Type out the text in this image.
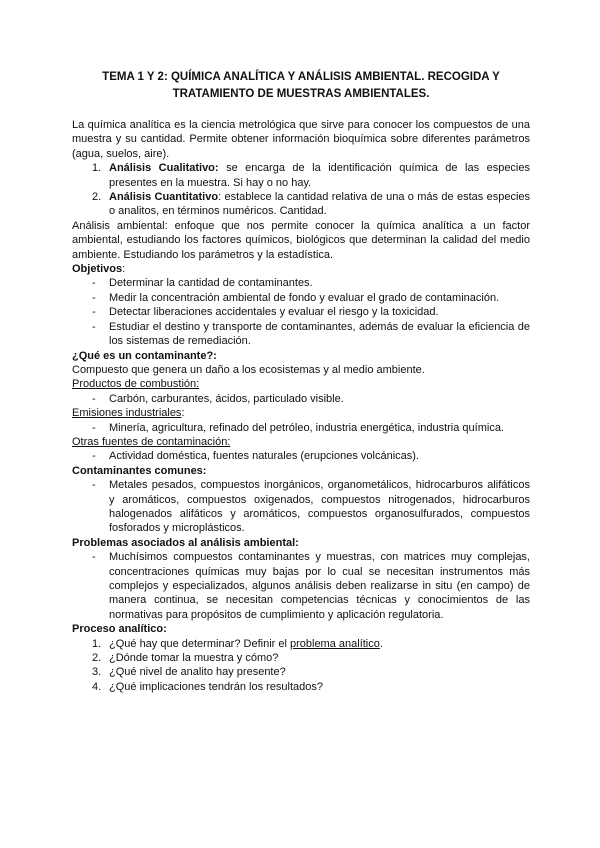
TEMA 1 Y 2: QUÍMICA ANALÍTICA Y ANÁLISIS AMBIENTAL. RECOGIDA Y TRATAMIENTO DE MUESTRAS AMBIENTALES.

La química analítica es la ciencia metrológica que sirve para conocer los compuestos de una muestra y su cantidad. Permite obtener información bioquímica sobre diferentes parámetros (agua, suelos, aire).

1. Análisis Cualitativo: se encarga de la identificación química de las especies presentes en la muestra. Si hay o no hay.
2. Análisis Cuantitativo: establece la cantidad relativa de una o más de estas especies o analitos, en términos numéricos. Cantidad.

Análisis ambiental: enfoque que nos permite conocer la química analítica a un factor ambiental, estudiando los factores químicos, biológicos que determinan la calidad del medio ambiente. Estudiando los parámetros y la estadística.

Objetivos:

- Determinar la cantidad de contaminantes.
- Medir la concentración ambiental de fondo y evaluar el grado de contaminación.
- Detectar liberaciones accidentales y evaluar el riesgo y la toxicidad.
- Estudiar el destino y transporte de contaminantes, además de evaluar la eficiencia de los sistemas de remediación.

¿Qué es un contaminante?:

Compuesto que genera un daño a los ecosistemas y al medio ambiente.

Productos de combustión:

- Carbón, carburantes, ácidos, particulado visible.

Emisiones industriales:

- Minería, agricultura, refinado del petróleo, industria energética, industria química.

Otras fuentes de contaminación:

- Actividad doméstica, fuentes naturales (erupciones volcánicas).

Contaminantes comunes:

- Metales pesados, compuestos inorgánicos, organometálicos, hidrocarburos alifáticos y aromáticos, compuestos oxigenados, compuestos nitrogenados, hidrocarburos halogenados alifáticos y aromáticos, compuestos organosulfurados, compuestos fosforados y microplásticos.

Problemas asociados al análisis ambiental:

- Muchísimos compuestos contaminantes y muestras, con matrices muy complejas, concentraciones químicas muy bajas por lo cual se necesitan instrumentos más complejos y especializados, algunos análisis deben realizarse in situ (en campo) de manera continua, se necesitan competencias técnicas y conocimientos de las normativas para propósitos de cumplimiento y aplicación regulatoria.

Proceso analítico:

1. ¿Qué hay que determinar? Definir el problema analítico.
2. ¿Dónde tomar la muestra y cómo?
3. ¿Qué nivel de analito hay presente?
4. ¿Qué implicaciones tendrán los resultados?
